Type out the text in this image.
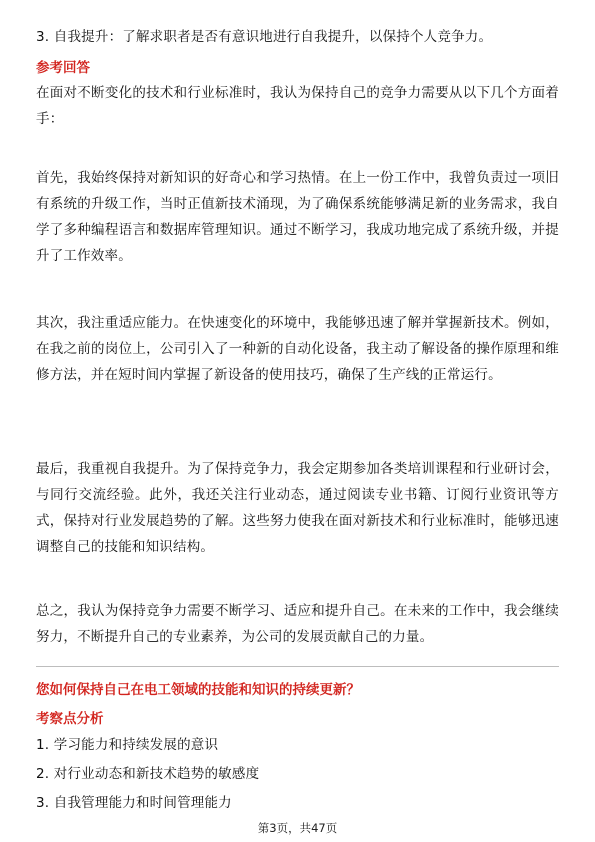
3. 自我提升：了解求职者是否有意识地进行自我提升，以保持个人竞争力。

参考回答

在面对不断变化的技术和行业标准时，我认为保持自己的竞争力需要从以下几个方面着手：

首先，我始终保持对新知识的好奇心和学习热情。在上一份工作中，我曾负责过一项旧有系统的升级工作，当时正值新技术涌现，为了确保系统能够满足新的业务需求，我自学了多种编程语言和数据库管理知识。通过不断学习，我成功地完成了系统升级，并提升了工作效率。

其次，我注重适应能力。在快速变化的环境中，我能够迅速了解并掌握新技术。例如，在我之前的岗位上，公司引入了一种新的自动化设备，我主动了解设备的操作原理和维修方法，并在短时间内掌握了新设备的使用技巧，确保了生产线的正常运行。

最后，我重视自我提升。为了保持竞争力，我会定期参加各类培训课程和行业研讨会，与同行交流经验。此外，我还关注行业动态，通过阅读专业书籍、订阅行业资讯等方式，保持对行业发展趋势的了解。这些努力使我在面对新技术和行业标准时，能够迅速调整自己的技能和知识结构。

总之，我认为保持竞争力需要不断学习、适应和提升自己。在未来的工作中，我会继续努力，不断提升自己的专业素养，为公司的发展贡献自己的力量。

您如何保持自己在电工领域的技能和知识的持续更新？

考察点分析

1. 学习能力和持续发展的意识

2. 对行业动态和新技术趋势的敏感度

3. 自我管理能力和时间管理能力

第3页，共47页
